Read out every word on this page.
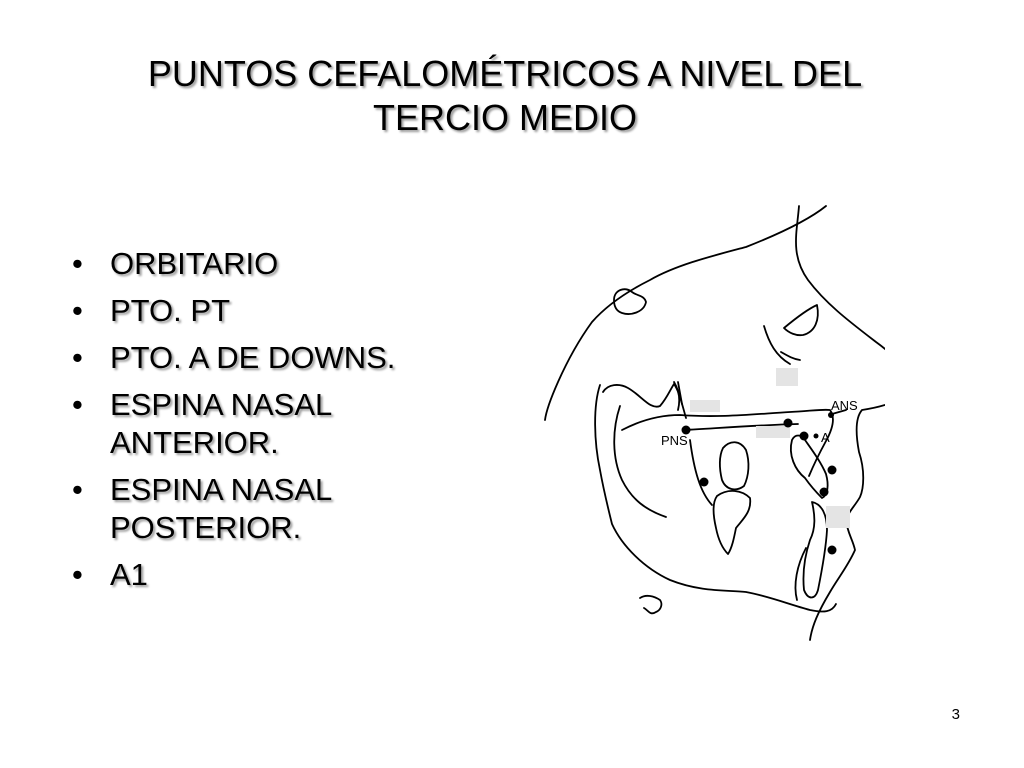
PUNTOS CEFALOMÉTRICOS A NIVEL DEL TERCIO MEDIO
• ORBITARIO
• PTO. PT
• PTO. A DE DOWNS.
• ESPINA NASAL ANTERIOR.
• ESPINA NASAL POSTERIOR.
• A1
ANS
A
PNS
3
